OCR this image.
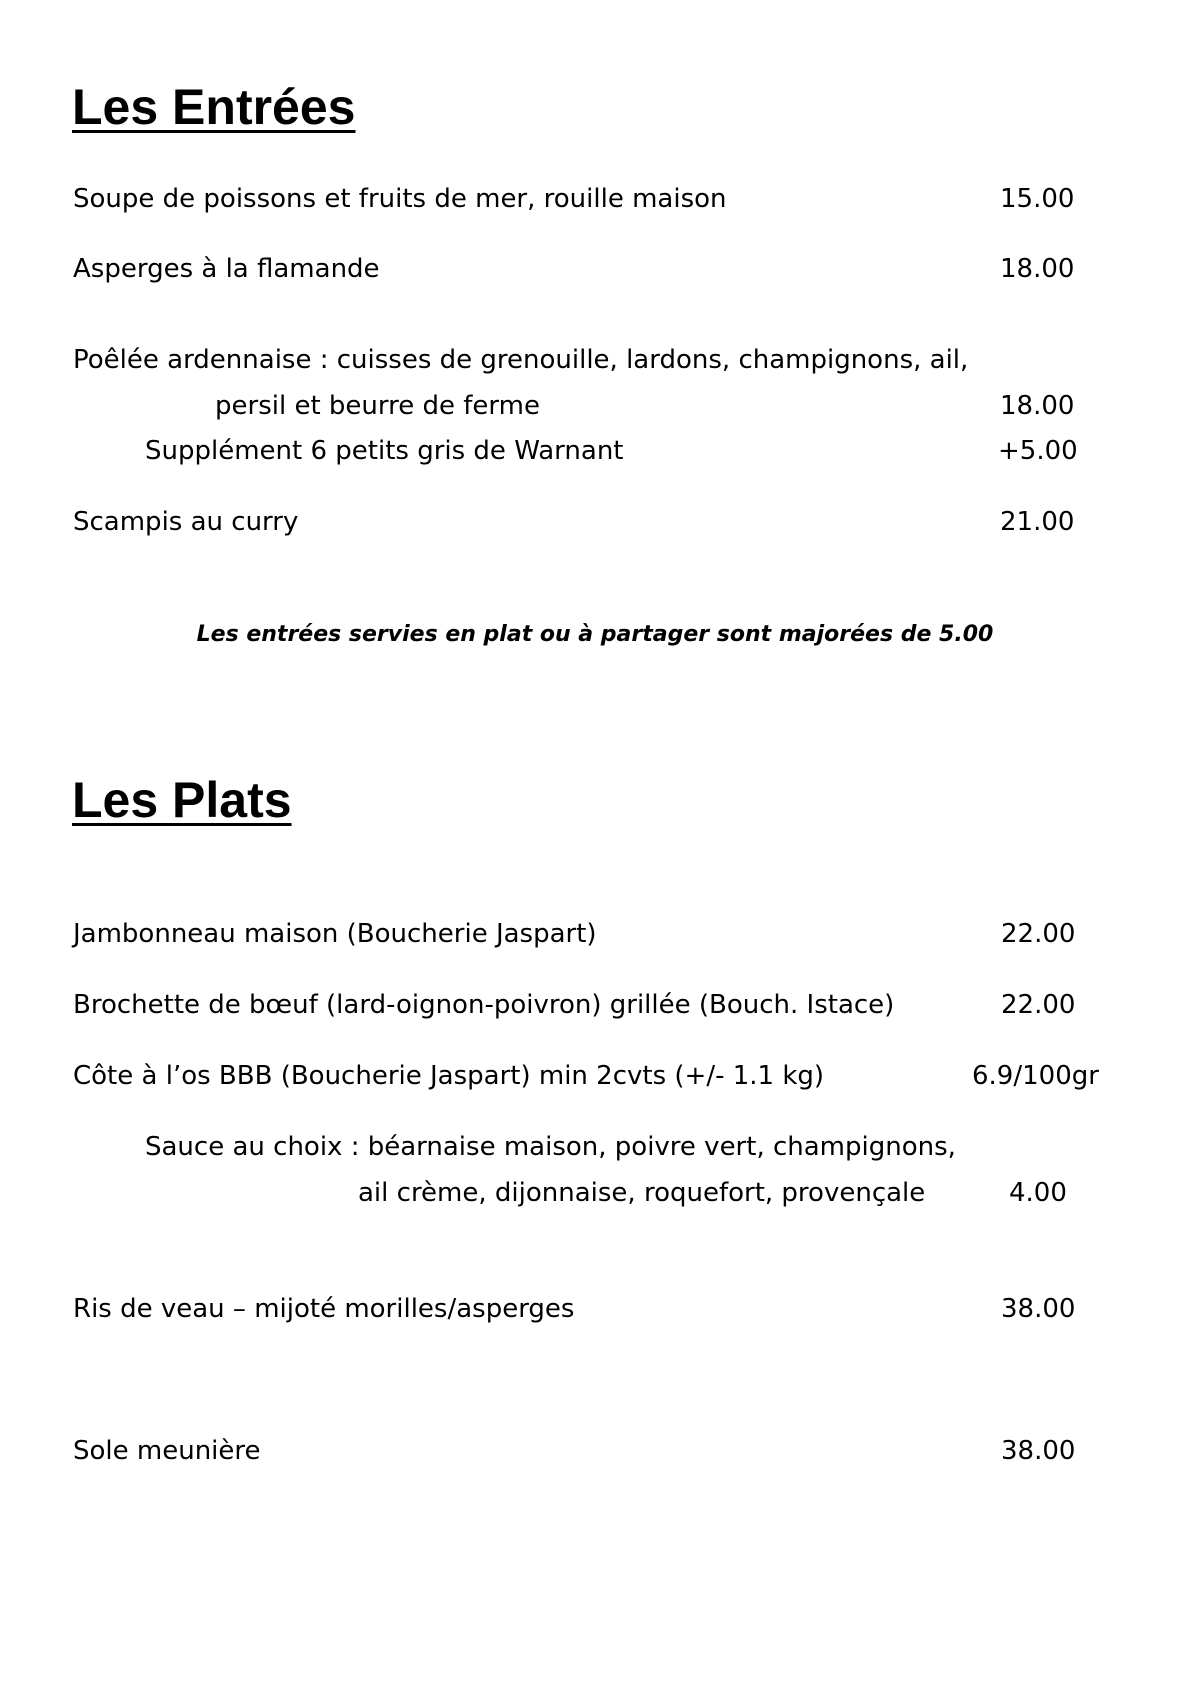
Les Entrées
Soupe de poissons et fruits de mer, rouille maison	15.00
Asperges à la flamande	18.00
Poêlée ardennaise : cuisses de grenouille, lardons, champignons, ail,
persil et beurre de ferme	18.00
Supplément 6 petits gris de Warnant	+5.00
Scampis au curry	21.00
Les entrées servies en plat ou à partager sont majorées de 5.00
Les Plats
Jambonneau maison (Boucherie Jaspart)	22.00
Brochette de bœuf (lard-oignon-poivron) grillée (Bouch. Istace)	22.00
Côte à l’os BBB (Boucherie Jaspart) min 2cvts (+/- 1.1 kg)	6.9/100gr
Sauce au choix : béarnaise maison, poivre vert, champignons,
ail crème, dijonnaise, roquefort, provençale	4.00
Ris de veau – mijoté morilles/asperges	38.00
Sole meunière	38.00
